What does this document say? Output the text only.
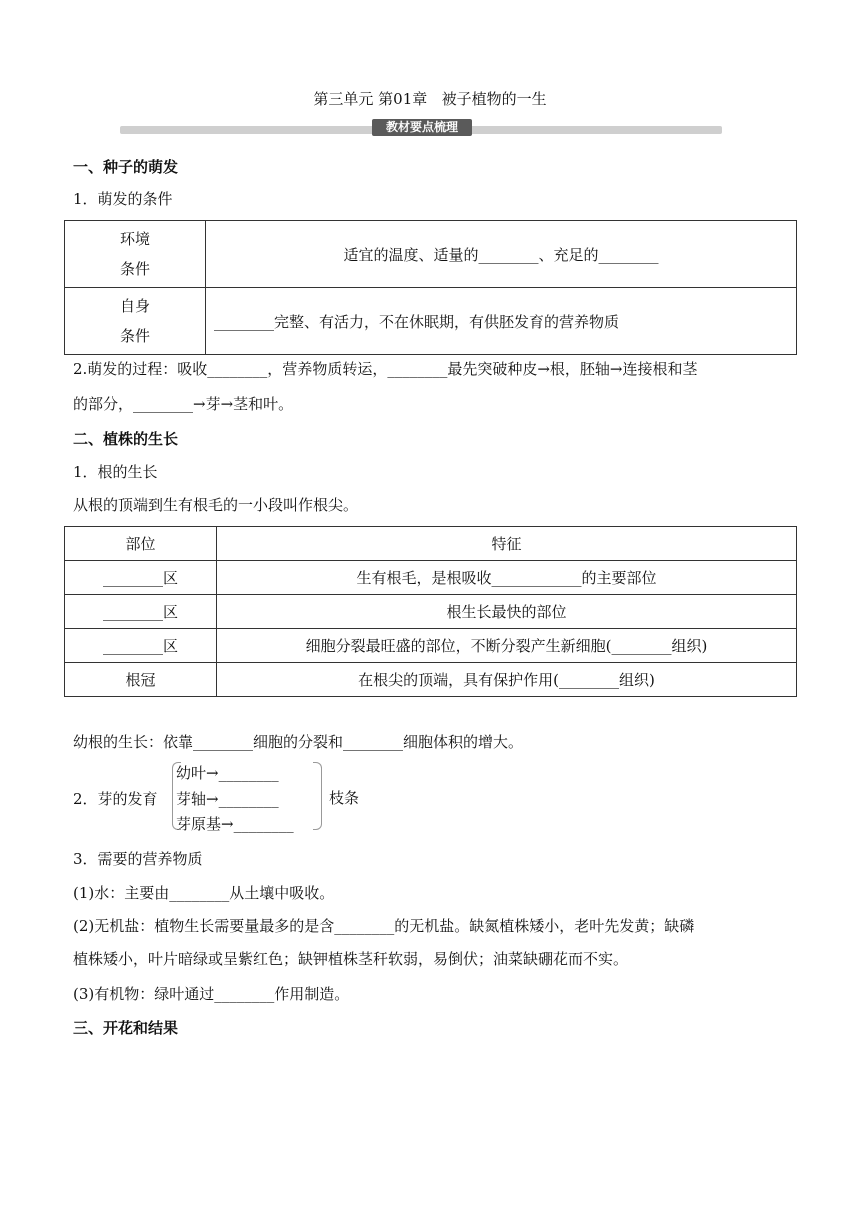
第三单元 第01章   被子植物的一生
教材要点梳理
一、种子的萌发
1．萌发的条件
环境
条件	适宜的温度、适量的________、充足的________

自身
条件	________完整、有活力，不在休眠期，有供胚发育的营养物质
2.萌发的过程：吸收________，营养物质转运，________最先突破种皮→根，胚轴→连接根和茎
的部分，________→芽→茎和叶。
二、植株的生长
1．根的生长
从根的顶端到生有根毛的一小段叫作根尖。
部位	特征
________区	生有根毛，是根吸收____________的主要部位
________区	根生长最快的部位
________区	细胞分裂最旺盛的部位，不断分裂产生新细胞(________组织)
根冠	在根尖的顶端，具有保护作用(________组织)
幼根的生长：依靠________细胞的分裂和________细胞体积的增大。
2．芽的发育
幼叶→________
芽轴→________
芽原基→________
枝条
3．需要的营养物质
(1)水：主要由________从土壤中吸收。
(2)无机盐：植物生长需要量最多的是含________的无机盐。缺氮植株矮小，老叶先发黄；缺磷
植株矮小，叶片暗绿或呈紫红色；缺钾植株茎秆软弱，易倒伏；油菜缺硼花而不实。
(3)有机物：绿叶通过________作用制造。
三、开花和结果
